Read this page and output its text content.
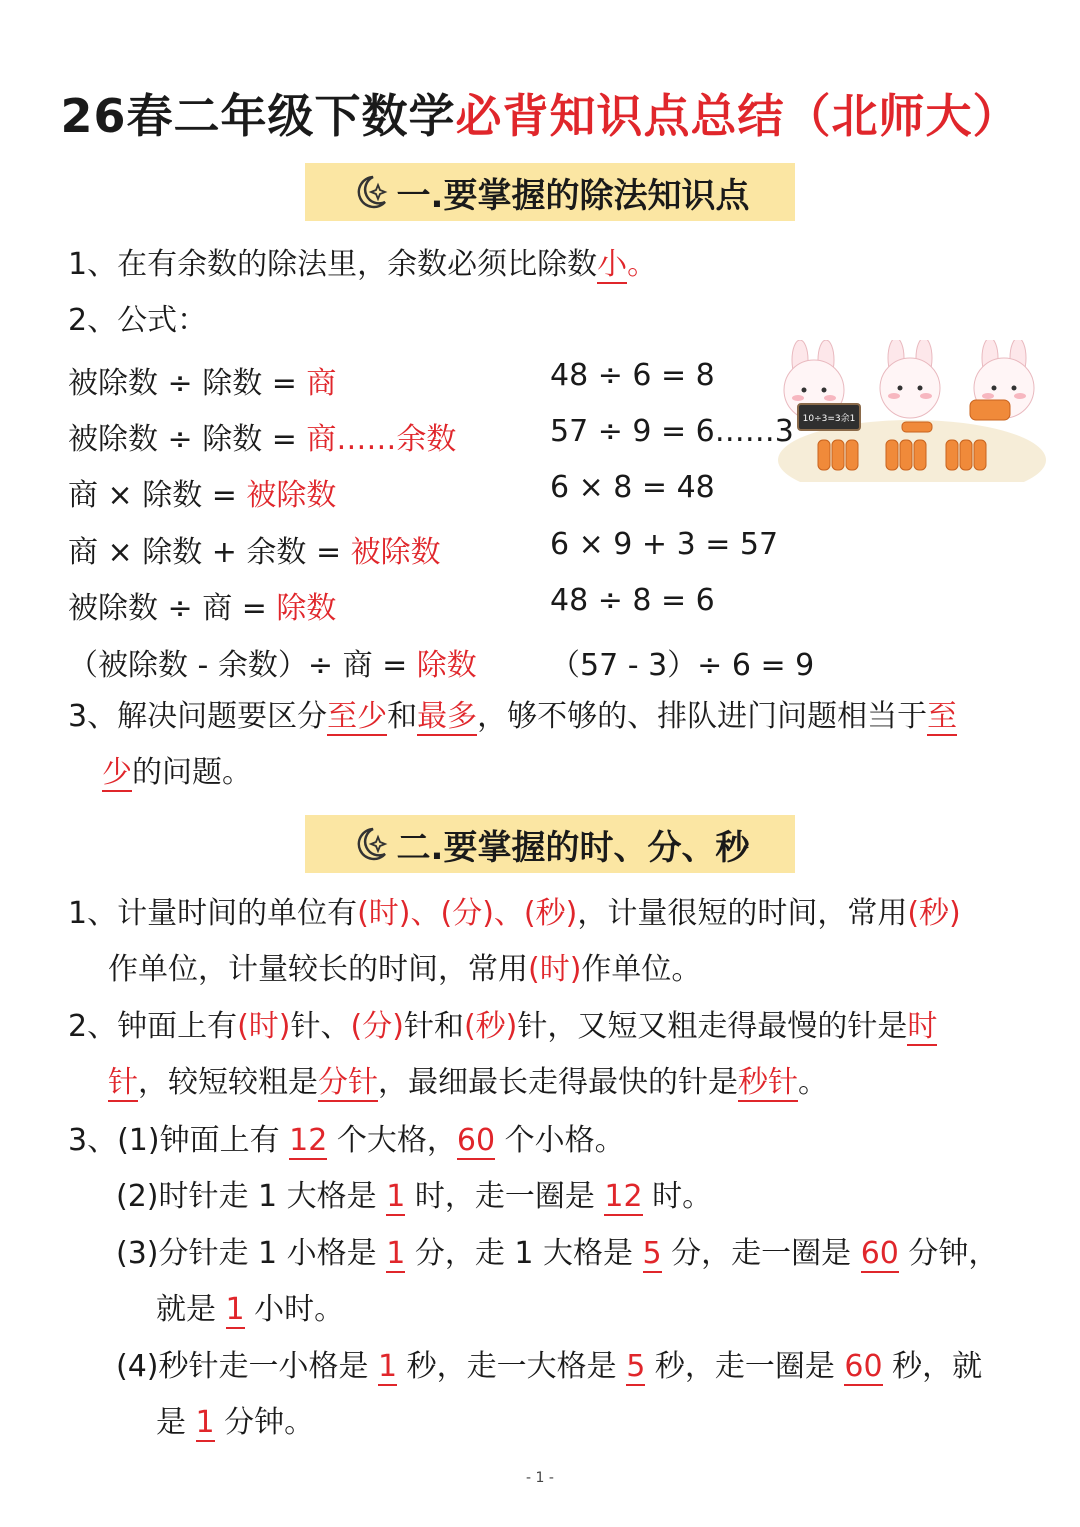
26春二年级下数学必背知识点总结（北师大）
一.要掌握的除法知识点
1、在有余数的除法里，余数必须比除数小。
2、公式：
被除数 ÷ 除数 = 商	48 ÷ 6 = 8
被除数 ÷ 除数 = 商……余数	57 ÷ 9 = 6……3
商 × 除数 = 被除数	6 × 8 = 48
商 × 除数 + 余数 = 被除数	6 × 9 + 3 = 57
被除数 ÷ 商 = 除数	48 ÷ 8 = 6
（被除数 - 余数）÷ 商 = 除数 （57 - 3）÷ 6 = 9
10÷3=3余1
3、解决问题要区分至少和最多，够不够的、排队进门问题相当于至
少的问题。
二.要掌握的时、分、秒
1、计量时间的单位有(时)、(分)、(秒)，计量很短的时间，常用(秒)
作单位，计量较长的时间，常用(时)作单位。
2、钟面上有(时)针、(分)针和(秒)针，又短又粗走得最慢的针是时
针，较短较粗是分针，最细最长走得最快的针是秒针。
3、(1)钟面上有 12 个大格，60 个小格。
(2)时针走 1 大格是 1 时，走一圈是 12 时。
(3)分针走 1 小格是 1 分，走 1 大格是 5 分，走一圈是 60 分钟，
就是 1 小时。
(4)秒针走一小格是 1 秒，走一大格是 5 秒，走一圈是 60 秒，就
是 1 分钟。
- 1 -
